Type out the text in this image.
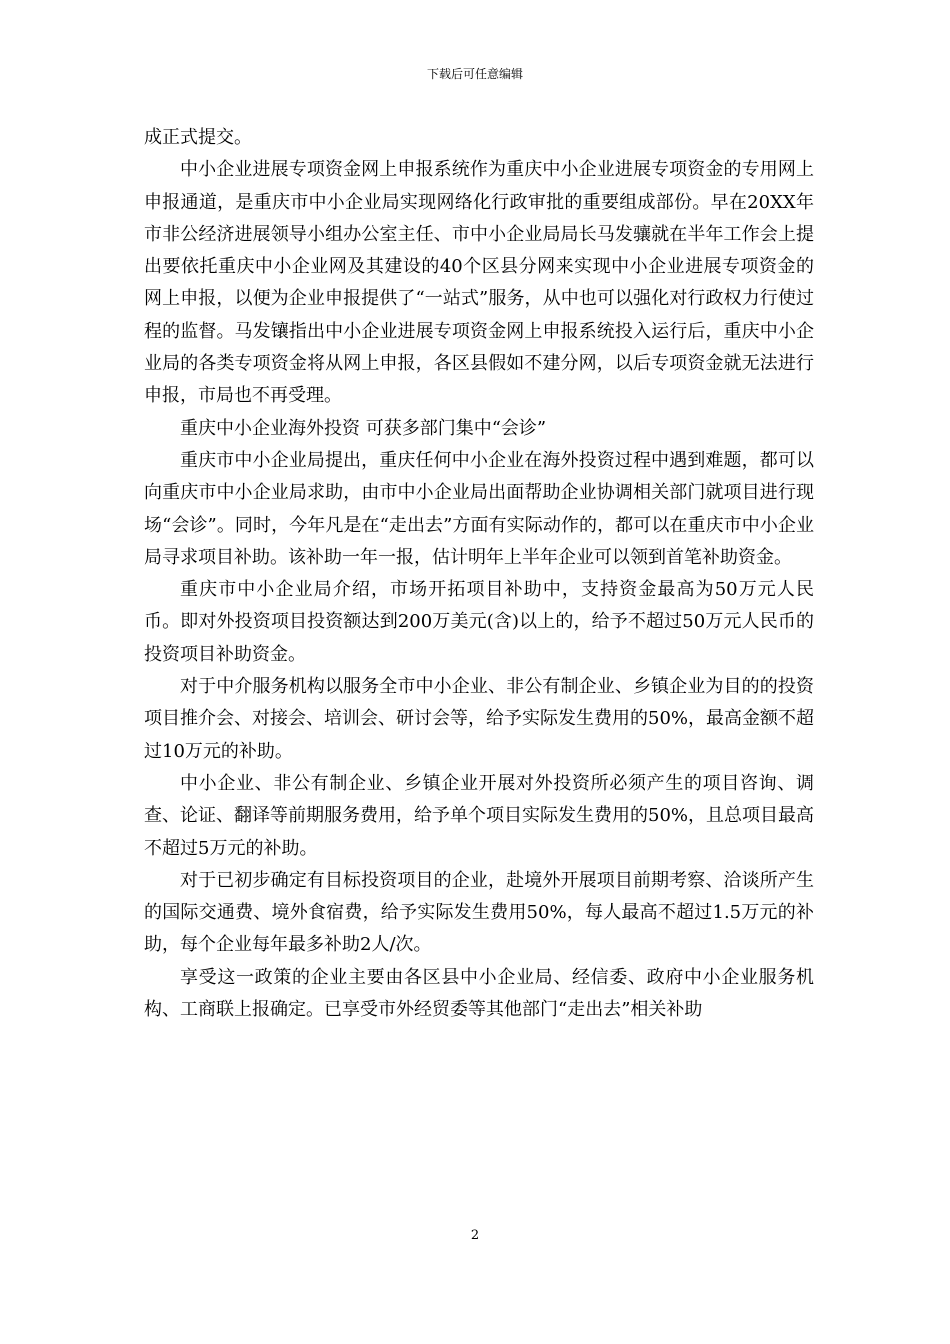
下载后可任意编辑

成正式提交。

中小企业进展专项资金网上申报系统作为重庆中小企业进展专项资金的专用网上申报通道，是重庆市中小企业局实现网络化行政审批的重要组成部份。早在20XX年市非公经济进展领导小组办公室主任、市中小企业局局长马发骧就在半年工作会上提出要依托重庆中小企业网及其建设的40个区县分网来实现中小企业进展专项资金的网上申报，以便为企业申报提供了“一站式”服务，从中也可以强化对行政权力行使过程的监督。马发镶指出中小企业进展专项资金网上申报系统投入运行后，重庆中小企业局的各类专项资金将从网上申报，各区县假如不建分网，以后专项资金就无法进行申报，市局也不再受理。

重庆中小企业海外投资 可获多部门集中“会诊”

重庆市中小企业局提出，重庆任何中小企业在海外投资过程中遇到难题，都可以向重庆市中小企业局求助，由市中小企业局出面帮助企业协调相关部门就项目进行现场“会诊”。同时，今年凡是在“走出去”方面有实际动作的，都可以在重庆市中小企业局寻求项目补助。该补助一年一报，估计明年上半年企业可以领到首笔补助资金。

重庆市中小企业局介绍，市场开拓项目补助中，支持资金最高为50万元人民币。即对外投资项目投资额达到200万美元(含)以上的，给予不超过50万元人民币的投资项目补助资金。

对于中介服务机构以服务全市中小企业、非公有制企业、乡镇企业为目的的投资项目推介会、对接会、培训会、研讨会等，给予实际发生费用的50%，最高金额不超过10万元的补助。

中小企业、非公有制企业、乡镇企业开展对外投资所必须产生的项目咨询、调查、论证、翻译等前期服务费用，给予单个项目实际发生费用的50%，且总项目最高不超过5万元的补助。

对于已初步确定有目标投资项目的企业，赴境外开展项目前期考察、洽谈所产生的国际交通费、境外食宿费，给予实际发生费用50%，每人最高不超过1.5万元的补助，每个企业每年最多补助2人/次。

享受这一政策的企业主要由各区县中小企业局、经信委、政府中小企业服务机构、工商联上报确定。已享受市外经贸委等其他部门“走出去”相关补助

2
